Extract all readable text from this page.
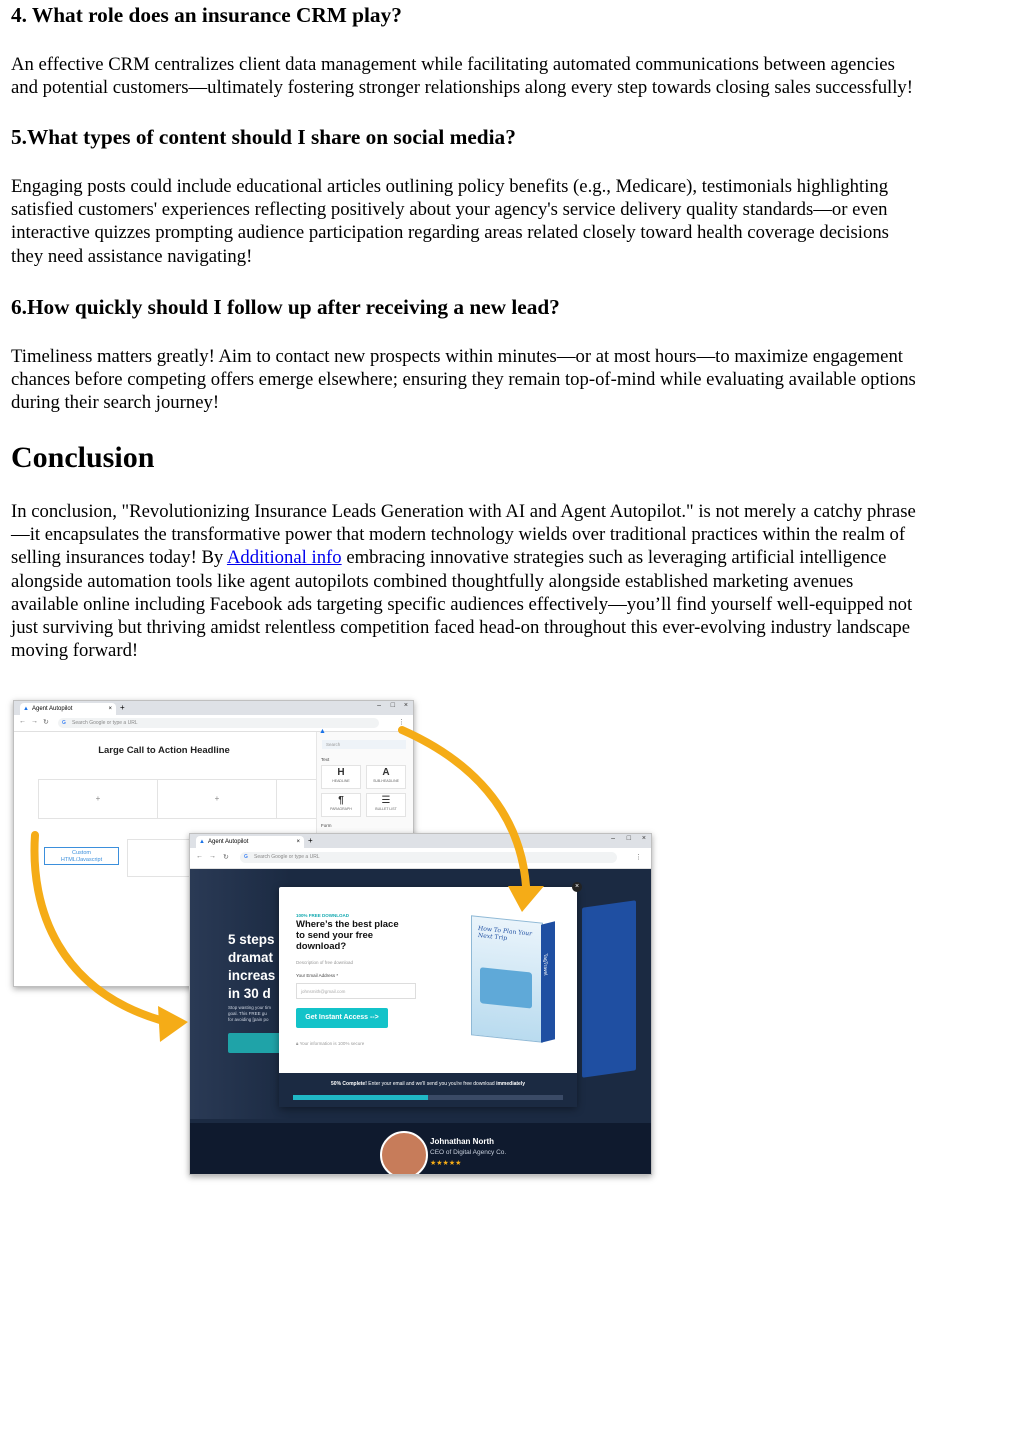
4. What role does an insurance CRM play?

An effective CRM centralizes client data management while facilitating automated communications between agencies
and potential customers—ultimately fostering stronger relationships along every step towards closing sales successfully!

5.What types of content should I share on social media?

Engaging posts could include educational articles outlining policy benefits (e.g., Medicare), testimonials highlighting
satisfied customers' experiences reflecting positively about your agency's service delivery quality standards—or even
interactive quizzes prompting audience participation regarding areas related closely toward health coverage decisions
they need assistance navigating!

6.How quickly should I follow up after receiving a new lead?

Timeliness matters greatly! Aim to contact new prospects within minutes—or at most hours—to maximize engagement
chances before competing offers emerge elsewhere; ensuring they remain top-of-mind while evaluating available options
during their search journey!

Conclusion

In conclusion, "Revolutionizing Insurance Leads Generation with AI and Agent Autopilot." is not merely a catchy phrase
—it encapsulates the transformative power that modern technology wields over traditional practices within the realm of
selling insurances today! By Additional info embracing innovative strategies such as leveraging artificial intelligence
alongside automation tools like agent autopilots combined thoughtfully alongside established marketing avenues
available online including Facebook ads targeting specific audiences effectively—you’ll find yourself well-equipped not
just surviving but thriving amidst relentless competition faced head-on throughout this ever-evolving industry landscape
moving forward!

▲ Agent Autopilot	× +	– □ ×
← → ↻	G Search Google or type a URL	⋮
Large Call to Action Headline
+	+
Custom
HTML/Javascript
▲
Search
Text
H
HEADLINE
A
SUB-HEADLINE
¶
PARAGRAPH
☰
BULLET LIST
Form
▲ Agent Autopilot	× +	– □ ×
← → ↻	G Search Google or type a URL	⋮
5 steps
dramat
increas
in 30 d
Stop wasting your tim
goal. This FREE gu
for avoiding [pain po
Johnathan North
CEO of Digital Agency Co.
★★★★★
×
100% FREE DOWNLOAD
Where’s the best place
to send your free
download?
Description of free download
Your Email Address *
johnsmith@gmail.com
Get Instant Access -->
🔒︎ Your information is 100% secure
How To Plan Your
Next Trip
TagTravel
50% Complete! Enter your email and we'll send you you're free download immediately
